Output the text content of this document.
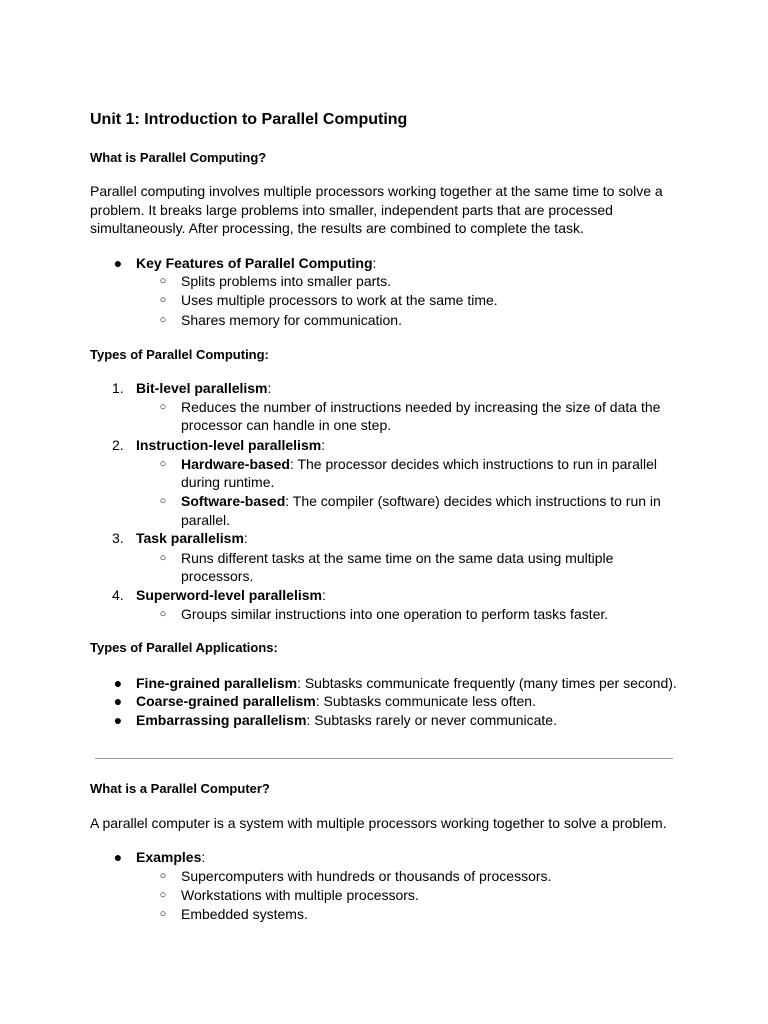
Unit 1: Introduction to Parallel Computing
What is Parallel Computing?
Parallel computing involves multiple processors working together at the same time to solve a
problem. It breaks large problems into smaller, independent parts that are processed
simultaneously. After processing, the results are combined to complete the task.
● Key Features of Parallel Computing:
○ Splits problems into smaller parts.
○ Uses multiple processors to work at the same time.
○ Shares memory for communication.
Types of Parallel Computing:
1. Bit-level parallelism:
○ Reduces the number of instructions needed by increasing the size of data the
processor can handle in one step.
2. Instruction-level parallelism:
○ Hardware-based: The processor decides which instructions to run in parallel
during runtime.
○ Software-based: The compiler (software) decides which instructions to run in
parallel.
3. Task parallelism:
○ Runs different tasks at the same time on the same data using multiple
processors.
4. Superword-level parallelism:
○ Groups similar instructions into one operation to perform tasks faster.
Types of Parallel Applications:
● Fine-grained parallelism: Subtasks communicate frequently (many times per second).
● Coarse-grained parallelism: Subtasks communicate less often.
● Embarrassing parallelism: Subtasks rarely or never communicate.
What is a Parallel Computer?
A parallel computer is a system with multiple processors working together to solve a problem.
● Examples:
○ Supercomputers with hundreds or thousands of processors.
○ Workstations with multiple processors.
○ Embedded systems.
